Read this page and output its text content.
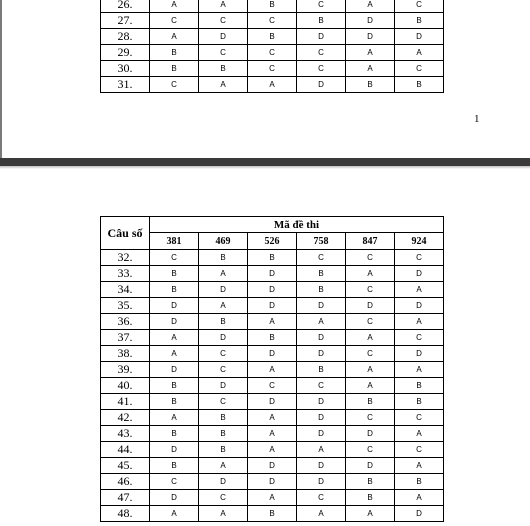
26.	A	A	B	C	A	C
27.	C	C	C	B	D	B
28.	A	D	B	D	D	D
29.	B	C	C	C	A	A
30.	B	B	C	C	A	C
31.	C	A	A	D	B	B
1
Câu số	Mã đề thi					
	381	469	526	758	847	924
32.	C	B	B	C	C	C
33.	B	A	D	B	A	D
34.	B	D	D	B	C	A
35.	D	A	D	D	D	D
36.	D	B	A	A	C	A
37.	A	D	B	D	A	C
38.	A	C	D	D	C	D
39.	D	C	A	B	A	A
40.	B	D	C	C	A	B
41.	B	C	D	D	B	B
42.	A	B	A	D	C	C
43.	B	B	A	D	D	A
44.	D	B	A	A	C	C
45.	B	A	D	D	D	A
46.	C	D	D	D	B	B
47.	D	C	A	C	B	A
48.	A	A	B	A	A	D
